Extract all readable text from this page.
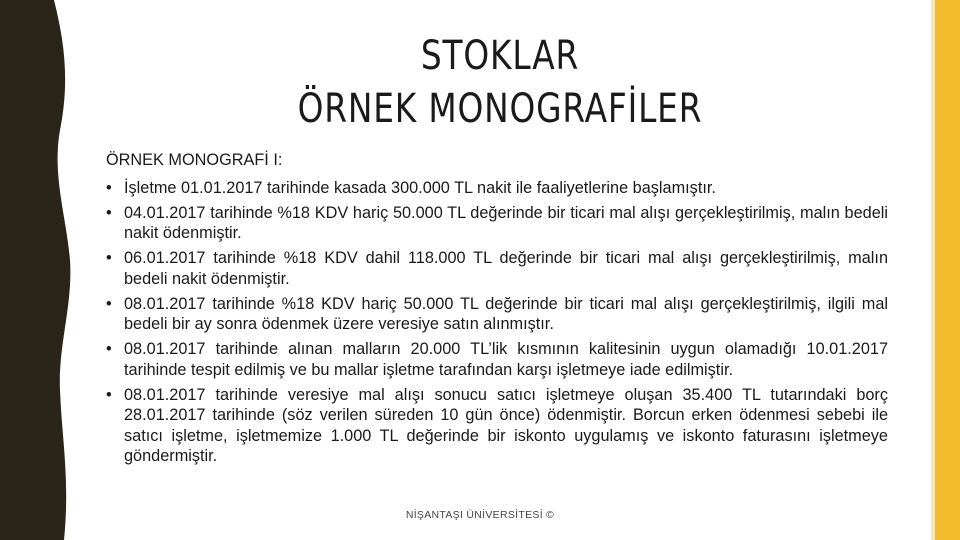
STOKLAR
ÖRNEK MONOGRAFİLER
ÖRNEK MONOGRAFİ I:
• İşletme 01.01.2017 tarihinde kasada 300.000 TL nakit ile faaliyetlerine başlamıştır.
• 04.01.2017 tarihinde %18 KDV hariç 50.000 TL değerinde bir ticari mal alışı gerçekleştirilmiş, malın bedeli nakit ödenmiştir.
• 06.01.2017 tarihinde %18 KDV dahil 118.000 TL değerinde bir ticari mal alışı gerçekleştirilmiş, malın bedeli nakit ödenmiştir.
• 08.01.2017 tarihinde %18 KDV hariç 50.000 TL değerinde bir ticari mal alışı gerçekleştirilmiş, ilgili mal bedeli bir ay sonra ödenmek üzere veresiye satın alınmıştır.
• 08.01.2017 tarihinde alınan malların 20.000 TL’lik kısmının kalitesinin uygun olamadığı 10.01.2017 tarihinde tespit edilmiş ve bu mallar işletme tarafından karşı işletmeye iade edilmiştir.
• 08.01.2017 tarihinde veresiye mal alışı sonucu satıcı işletmeye oluşan 35.400 TL tutarındaki borç 28.01.2017 tarihinde (söz verilen süreden 10 gün önce) ödenmiştir. Borcun erken ödenmesi sebebi ile satıcı işletme, işletmemize 1.000 TL değerinde bir iskonto uygulamış ve iskonto faturasını işletmeye göndermiştir.
NİŞANTAŞI ÜNİVERSİTESİ ©
